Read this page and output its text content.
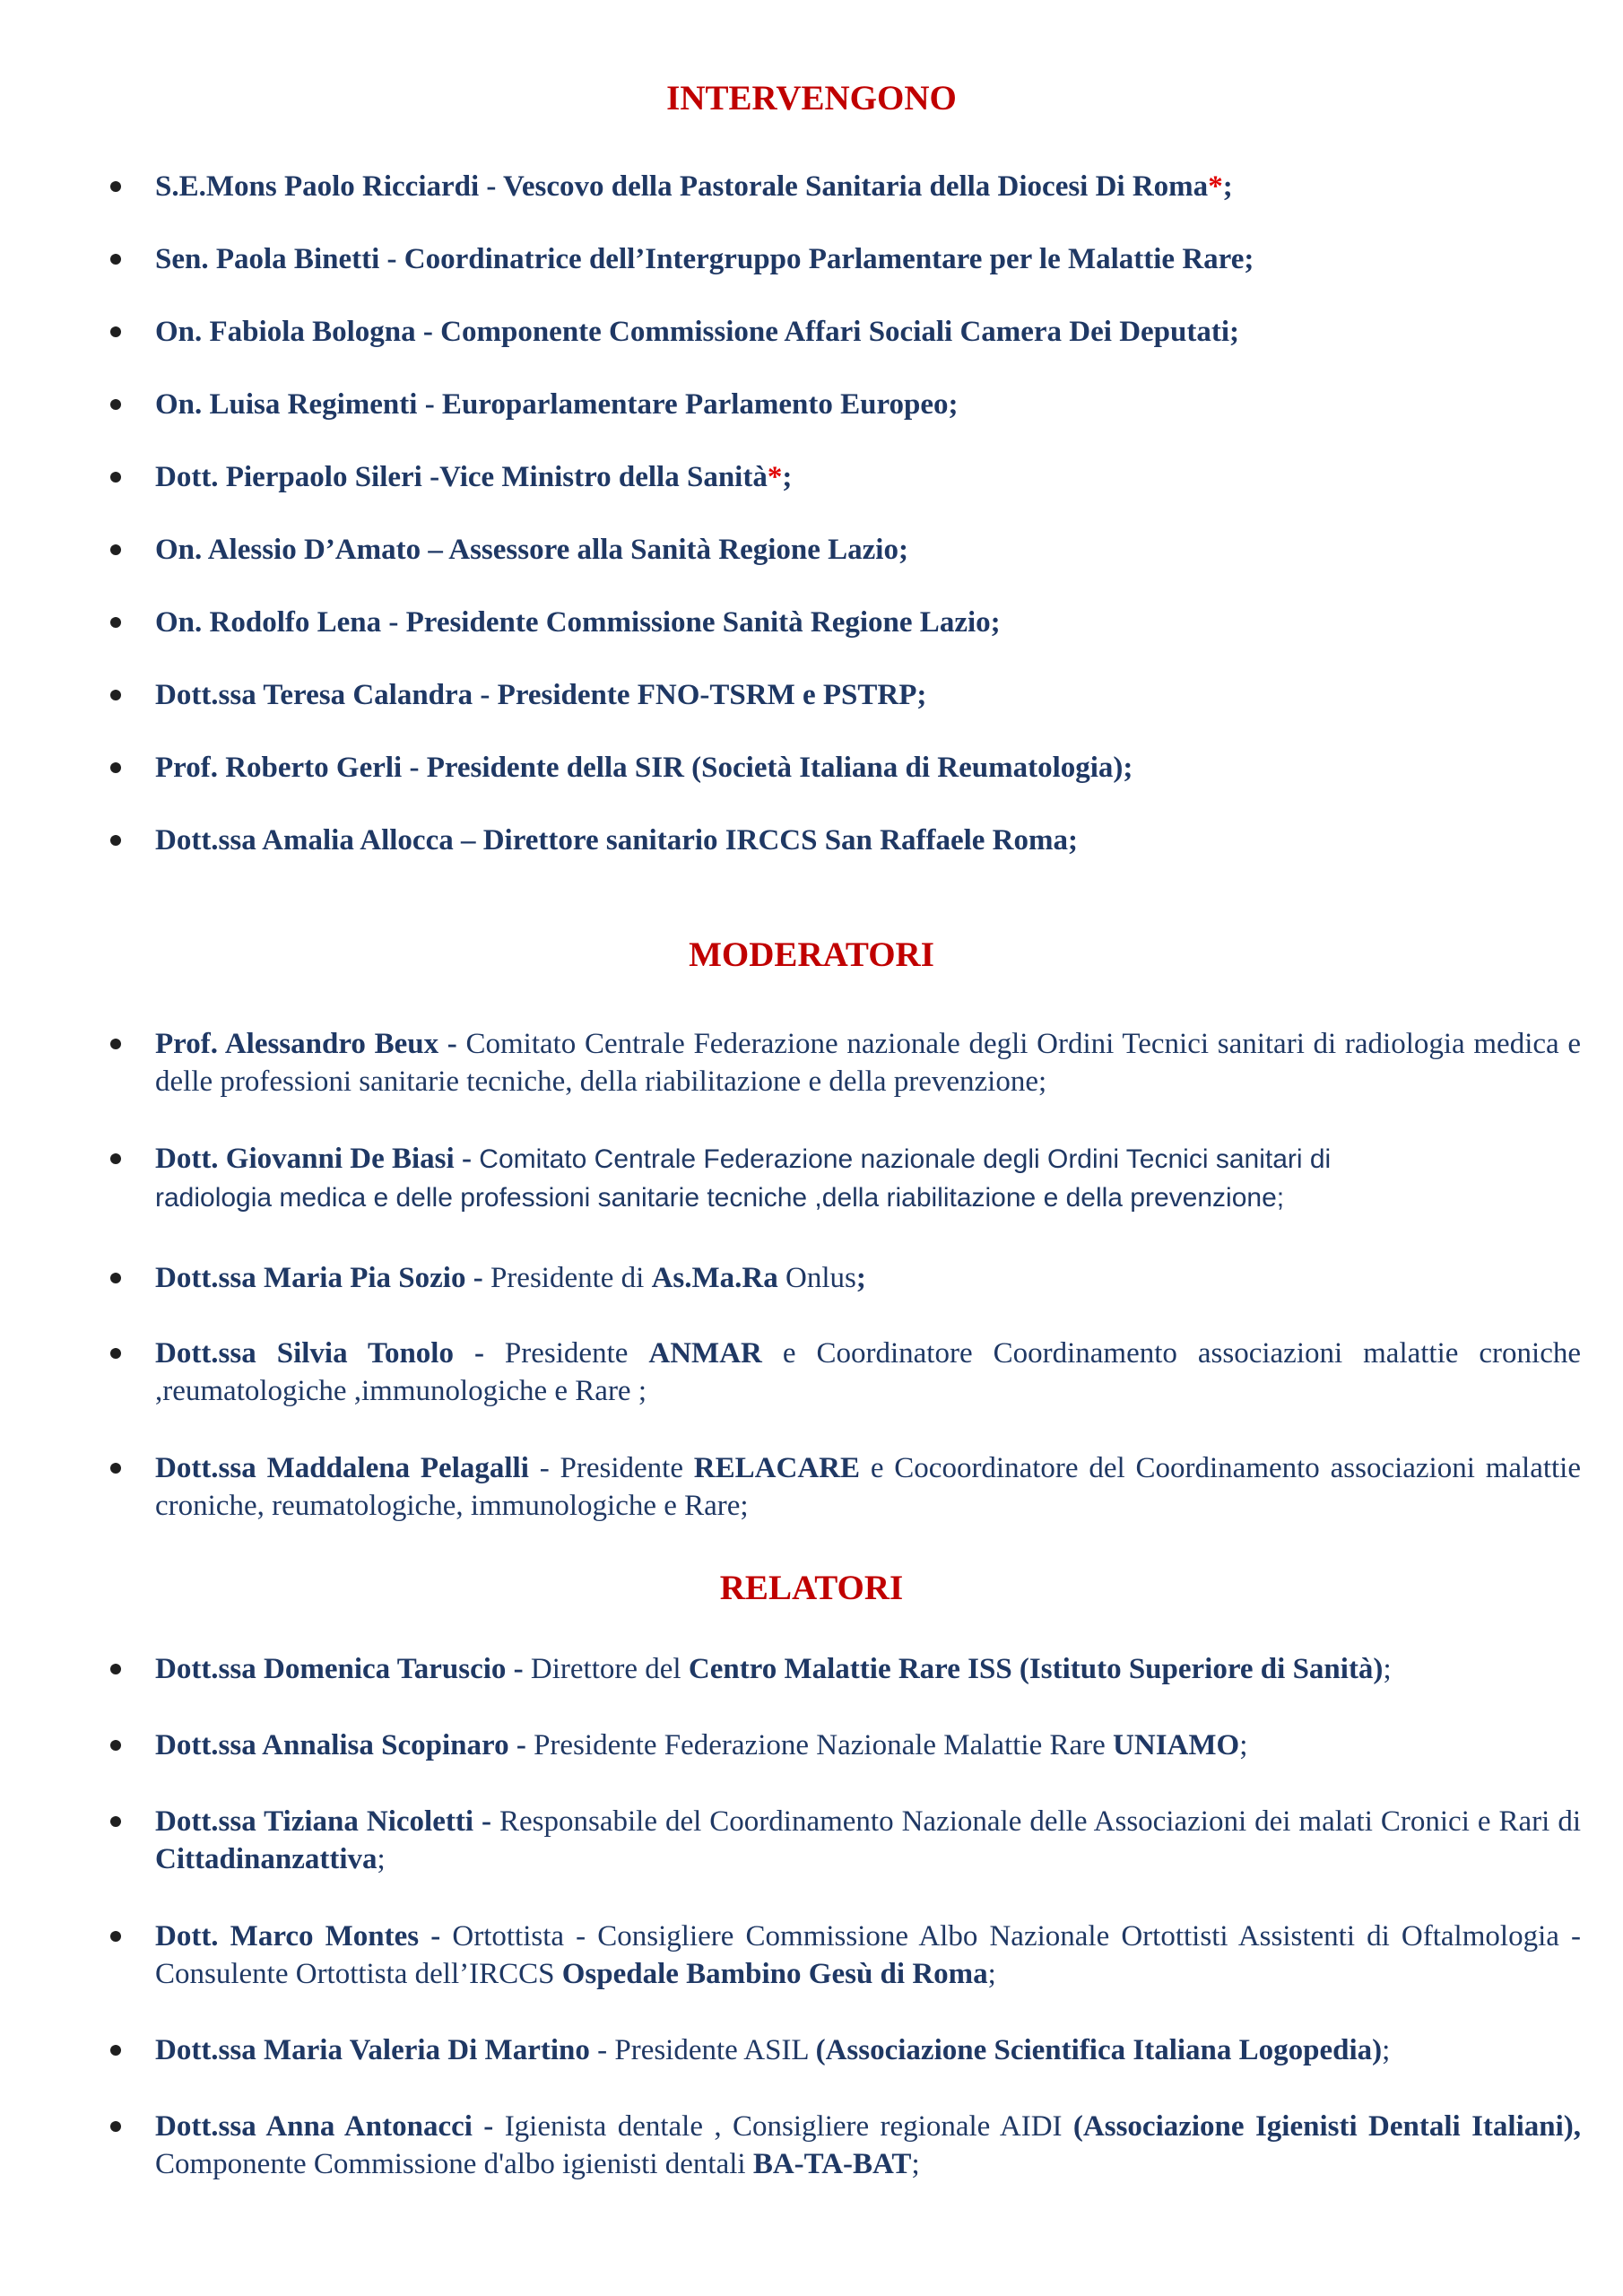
INTERVENGONO
S.E.Mons Paolo Ricciardi - Vescovo della Pastorale Sanitaria della Diocesi Di Roma*;
Sen. Paola Binetti - Coordinatrice dell’Intergruppo Parlamentare per le Malattie Rare;
On. Fabiola Bologna - Componente Commissione Affari Sociali Camera Dei Deputati;
On. Luisa Regimenti - Europarlamentare Parlamento Europeo;
Dott. Pierpaolo Sileri -Vice Ministro della Sanità*;
On. Alessio D’Amato – Assessore alla Sanità Regione Lazio;
On. Rodolfo Lena - Presidente Commissione Sanità Regione Lazio;
Dott.ssa Teresa Calandra - Presidente FNO-TSRM e PSTRP;
Prof. Roberto Gerli - Presidente della SIR (Società Italiana di Reumatologia);
Dott.ssa Amalia Allocca – Direttore sanitario IRCCS San Raffaele Roma;
MODERATORI
Prof. Alessandro Beux - Comitato Centrale Federazione nazionale degli Ordini Tecnici sanitari di radiologia medica e delle professioni sanitarie tecniche, della riabilitazione e della prevenzione;
Dott. Giovanni De Biasi - Comitato Centrale Federazione nazionale degli Ordini Tecnici sanitari di
radiologia medica e delle professioni sanitarie tecniche ,della riabilitazione e della prevenzione;
Dott.ssa Maria Pia Sozio - Presidente di As.Ma.Ra Onlus;
Dott.ssa Silvia Tonolo - Presidente ANMAR e Coordinatore Coordinamento associazioni malattie croniche ,reumatologiche ,immunologiche e Rare ;
Dott.ssa Maddalena Pelagalli - Presidente RELACARE e Cocoordinatore del Coordinamento associazioni malattie croniche, reumatologiche, immunologiche e Rare;
RELATORI
Dott.ssa Domenica Taruscio - Direttore del Centro Malattie Rare ISS (Istituto Superiore di Sanità);
Dott.ssa Annalisa Scopinaro - Presidente Federazione Nazionale Malattie Rare UNIAMO;
Dott.ssa Tiziana Nicoletti - Responsabile del Coordinamento Nazionale delle Associazioni dei malati Cronici e Rari di Cittadinanzattiva;
Dott. Marco Montes - Ortottista - Consigliere Commissione Albo Nazionale Ortottisti Assistenti di Oftalmologia - Consulente Ortottista dell’IRCCS Ospedale Bambino Gesù di Roma;
Dott.ssa Maria Valeria Di Martino - Presidente ASIL (Associazione Scientifica Italiana Logopedia);
Dott.ssa Anna Antonacci - Igienista dentale , Consigliere regionale AIDI (Associazione Igienisti Dentali Italiani), Componente Commissione d'albo igienisti dentali BA-TA-BAT;
